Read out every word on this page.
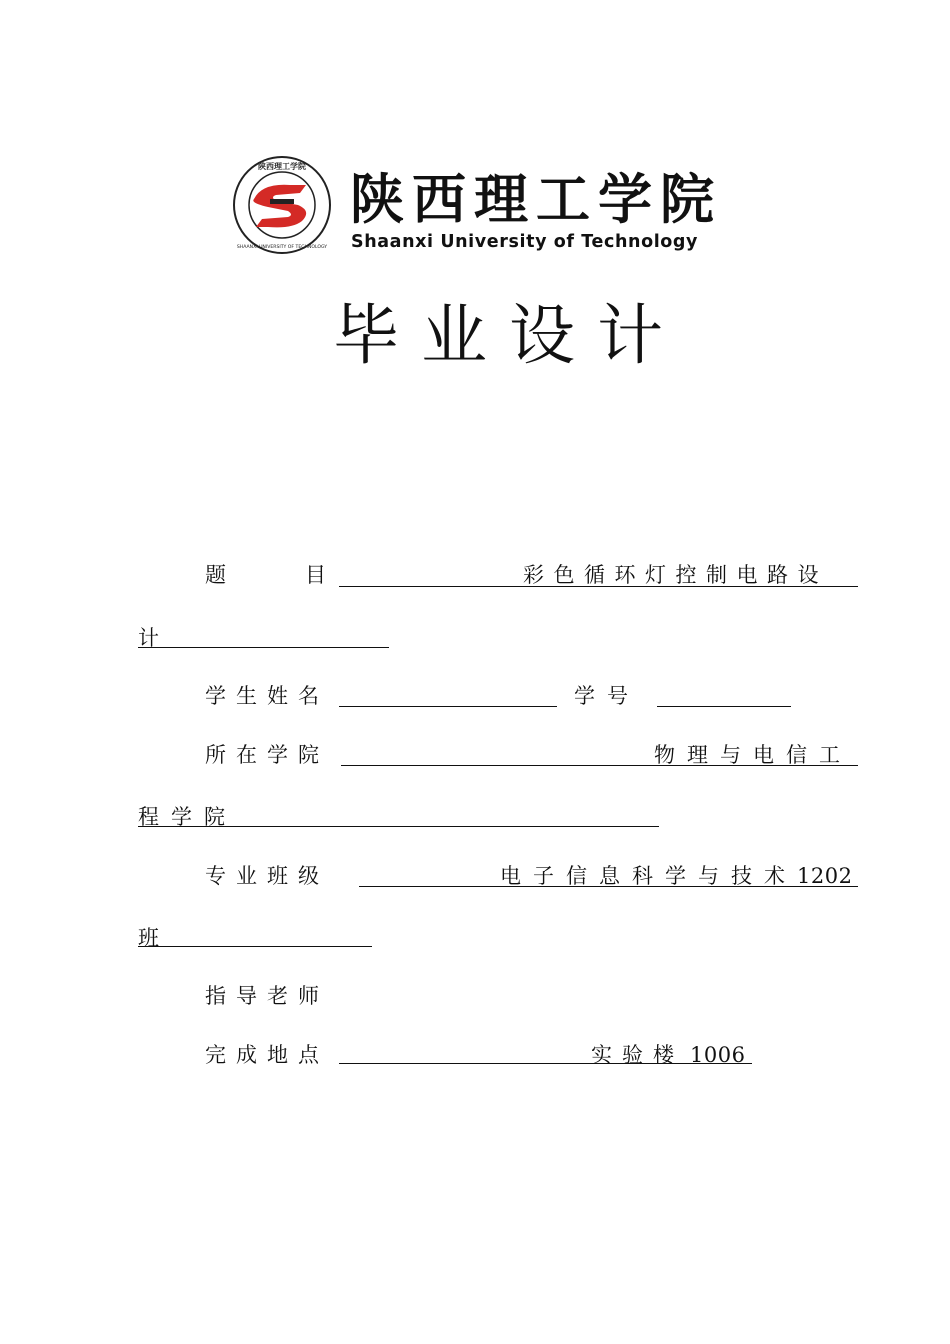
陕西理工学院
SHAANXI UNIVERSITY OF TECHNOLOGY
陕西理工学院
Shaanxi University of Technology
毕业设计
题	目	彩色循环灯控制电路设
计
学生姓名	学号
所在学院	物理与电信工
程学院
专业班级	电子信息科学与技术1202
班
指导老师
完成地点	实验楼 1006
